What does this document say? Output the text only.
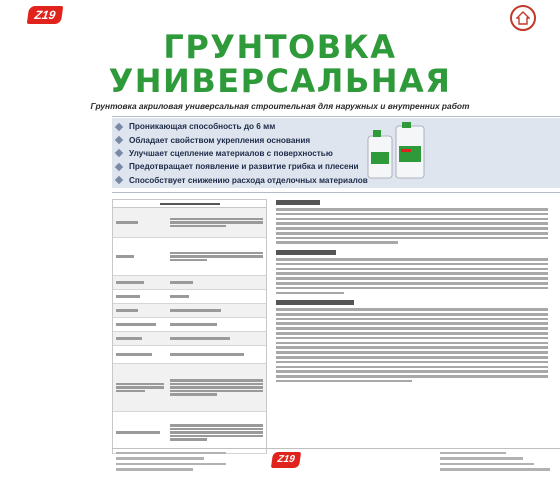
Z19
ГРУНТОВКА
УНИВЕРСАЛЬНАЯ
Грунтовка акриловая универсальная строительная для наружных и внутренних работ
Проникающая способность до 6 мм
Обладает свойством укрепления основания
Улучшает сцепление материалов с поверхностью
Предотвращает появление и развитие грибка и плесени
Способствует снижению расхода отделочных материалов
Z19
